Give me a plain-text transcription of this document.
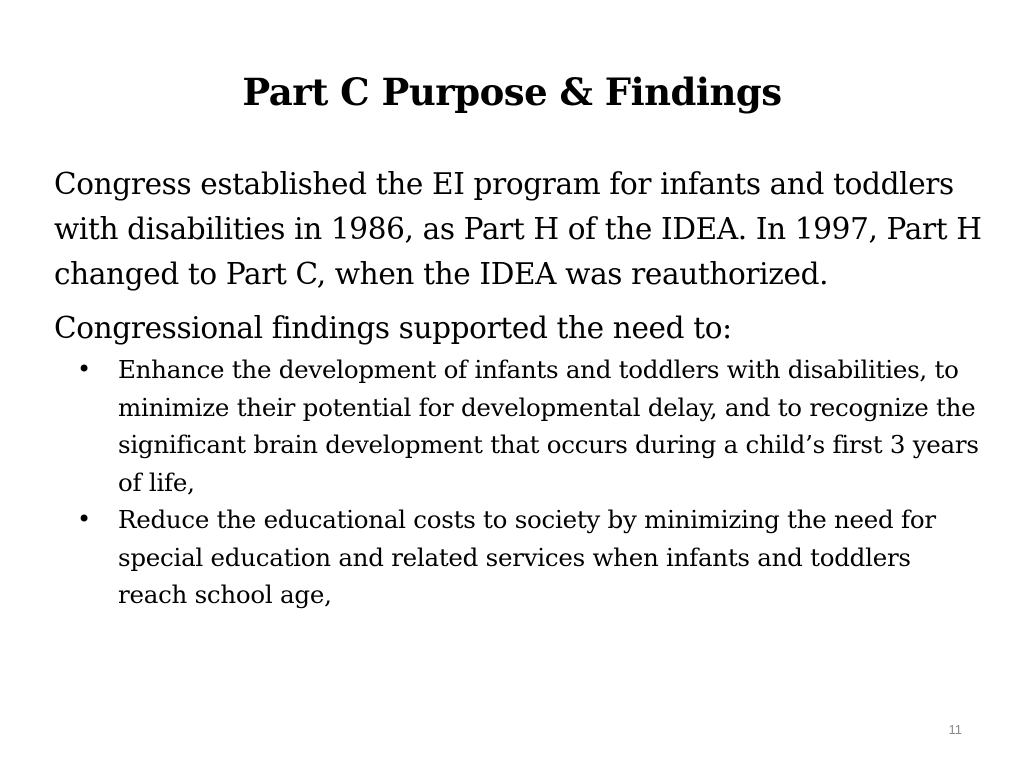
Part C Purpose & Findings

Congress established the EI program for infants and toddlers with disabilities in 1986, as Part H of the IDEA. In 1997, Part H changed to Part C, when the IDEA was reauthorized.

Congressional findings supported the need to:

• Enhance the development of infants and toddlers with disabilities, to minimize their potential for developmental delay, and to recognize the significant brain development that occurs during a child’s first 3 years of life,
• Reduce the educational costs to society by minimizing the need for special education and related services when infants and toddlers reach school age,
11
